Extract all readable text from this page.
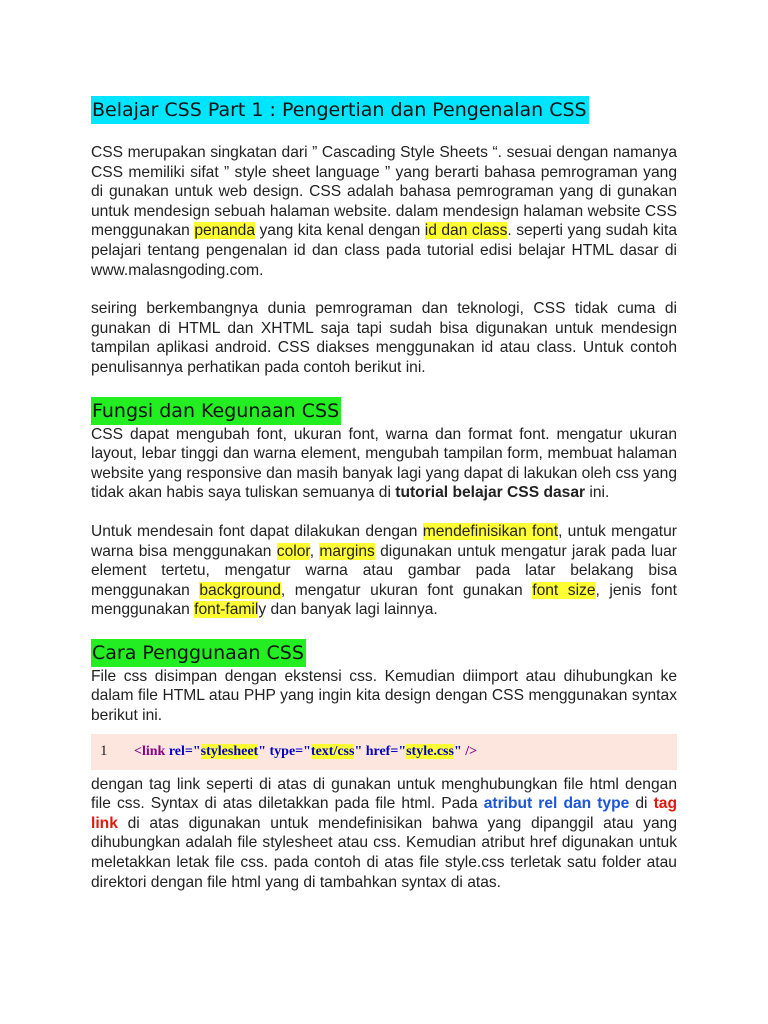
Belajar CSS Part 1 : Pengertian dan Pengenalan CSS

CSS merupakan singkatan dari ” Cascading Style Sheets “. sesuai dengan namanya CSS memiliki sifat ” style sheet language ” yang berarti bahasa pemrograman yang di gunakan untuk web design. CSS adalah bahasa pemrograman yang di gunakan untuk mendesign sebuah halaman website. dalam mendesign halaman website CSS menggunakan penanda yang kita kenal dengan id dan class. seperti yang sudah kita pelajari tentang pengenalan id dan class pada tutorial edisi belajar HTML dasar di www.malasngoding.com.

seiring berkembangnya dunia pemrograman dan teknologi, CSS tidak cuma di gunakan di HTML dan XHTML saja tapi sudah bisa digunakan untuk mendesign tampilan aplikasi android. CSS diakses menggunakan id atau class. Untuk contoh penulisannya perhatikan pada contoh berikut ini.

Fungsi dan Kegunaan CSS

CSS dapat mengubah font, ukuran font, warna dan format font. mengatur ukuran layout, lebar tinggi dan warna element, mengubah tampilan form, membuat halaman website yang responsive dan masih banyak lagi yang dapat di lakukan oleh css yang tidak akan habis saya tuliskan semuanya di tutorial belajar CSS dasar ini.

Untuk mendesain font dapat dilakukan dengan mendefinisikan font, untuk mengatur warna bisa menggunakan color, margins digunakan untuk mengatur jarak pada luar element tertetu, mengatur warna atau gambar pada latar belakang bisa menggunakan background, mengatur ukuran font gunakan font size, jenis font menggunakan font-family dan banyak lagi lainnya.

Cara Penggunaan CSS

File css disimpan dengan ekstensi css. Kemudian diimport atau dihubungkan ke dalam file HTML atau PHP yang ingin kita design dengan CSS menggunakan syntax berikut ini.

1	<link rel="stylesheet" type="text/css" href="style.css" />

dengan tag link seperti di atas di gunakan untuk menghubungkan file html dengan file css. Syntax di atas diletakkan pada file html. Pada atribut rel dan type di tag link di atas digunakan untuk mendefinisikan bahwa yang dipanggil atau yang dihubungkan adalah file stylesheet atau css. Kemudian atribut href digunakan untuk meletakkan letak file css. pada contoh di atas file style.css terletak satu folder atau direktori dengan file html yang di tambahkan syntax di atas.
